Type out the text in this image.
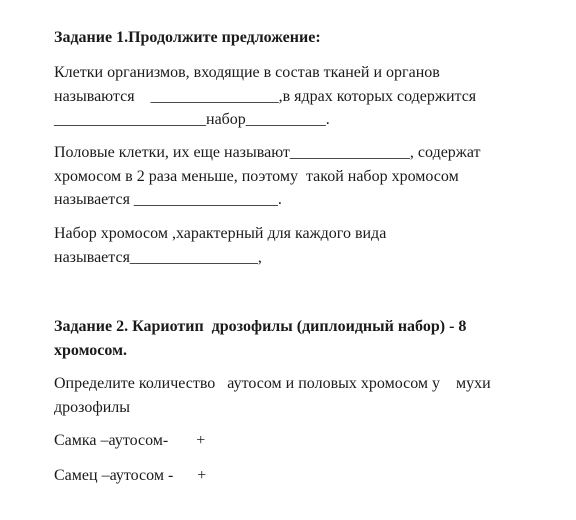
Задание 1.Продолжите предложение:
Клетки организмов, входящие в состав тканей и органов
называются    ________________,в ядрах которых содержится
___________________набор__________.
Половые клетки, их еще называют_______________, содержат
хромосом в 2 раза меньше, поэтому  такой набор хромосом
называется __________________.
Набор хромосом ,характерный для каждого вида
называется________________,
Задание 2. Кариотип  дрозофилы (диплоидный набор) - 8
хромосом.
Определите количество   аутосом и половых хромосом у    мухи
дрозофилы
Самка –аутосом-       +
Самец –аутосом -      +
